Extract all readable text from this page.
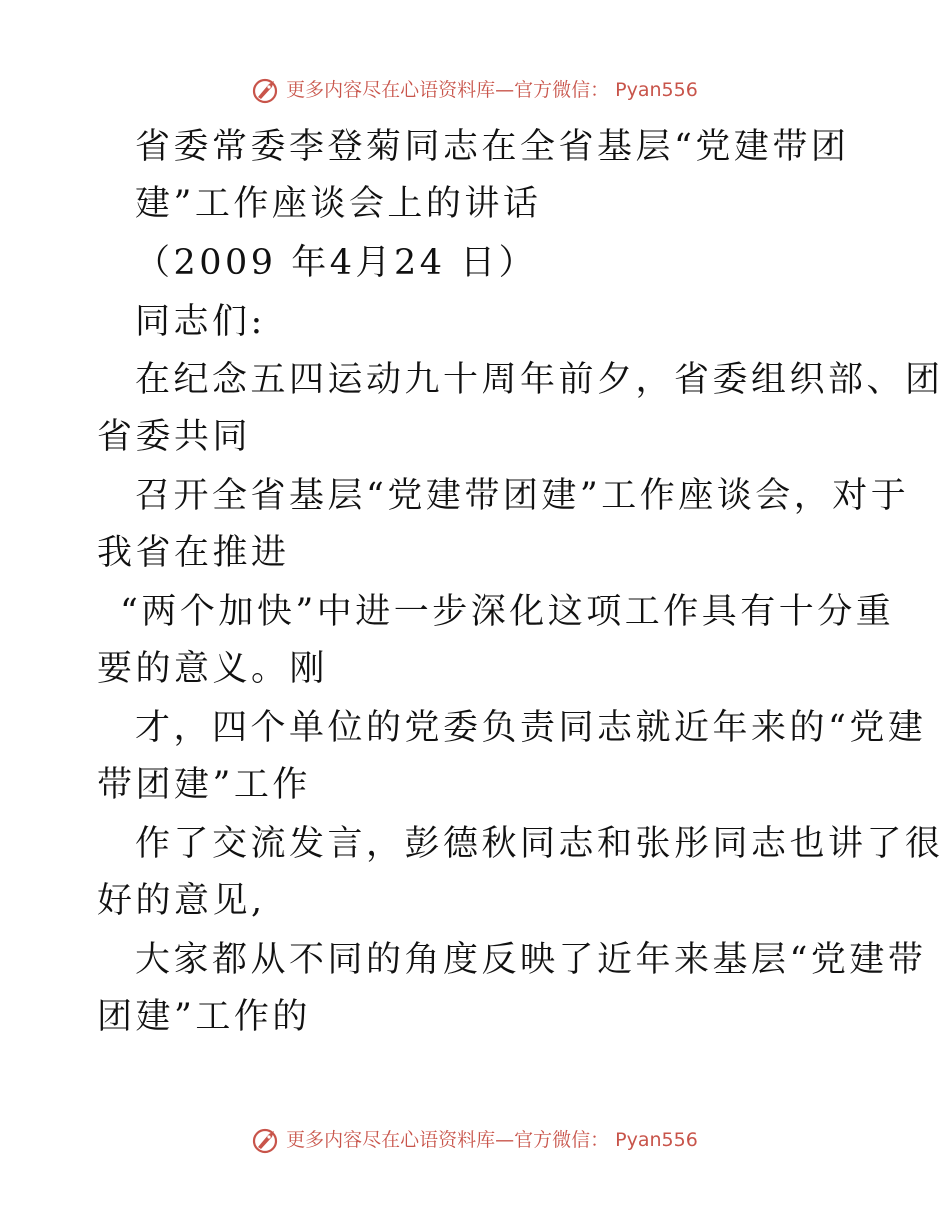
更多内容尽在心语资料库—官方微信： Pyan556
省委常委李登菊同志在全省基层“党建带团
建”工作座谈会上的讲话
（2009 年4月24 日）
同志们:
在纪念五四运动九十周年前夕，省委组织部、团
省委共同
召开全省基层“党建带团建”工作座谈会，对于
我省在推进
“两个加快”中进一步深化这项工作具有十分重
要的意义。刚
才，四个单位的党委负责同志就近年来的“党建
带团建”工作
作了交流发言，彭德秋同志和张彤同志也讲了很
好的意见,
大家都从不同的角度反映了近年来基层“党建带
团建”工作的
更多内容尽在心语资料库—官方微信： Pyan556
